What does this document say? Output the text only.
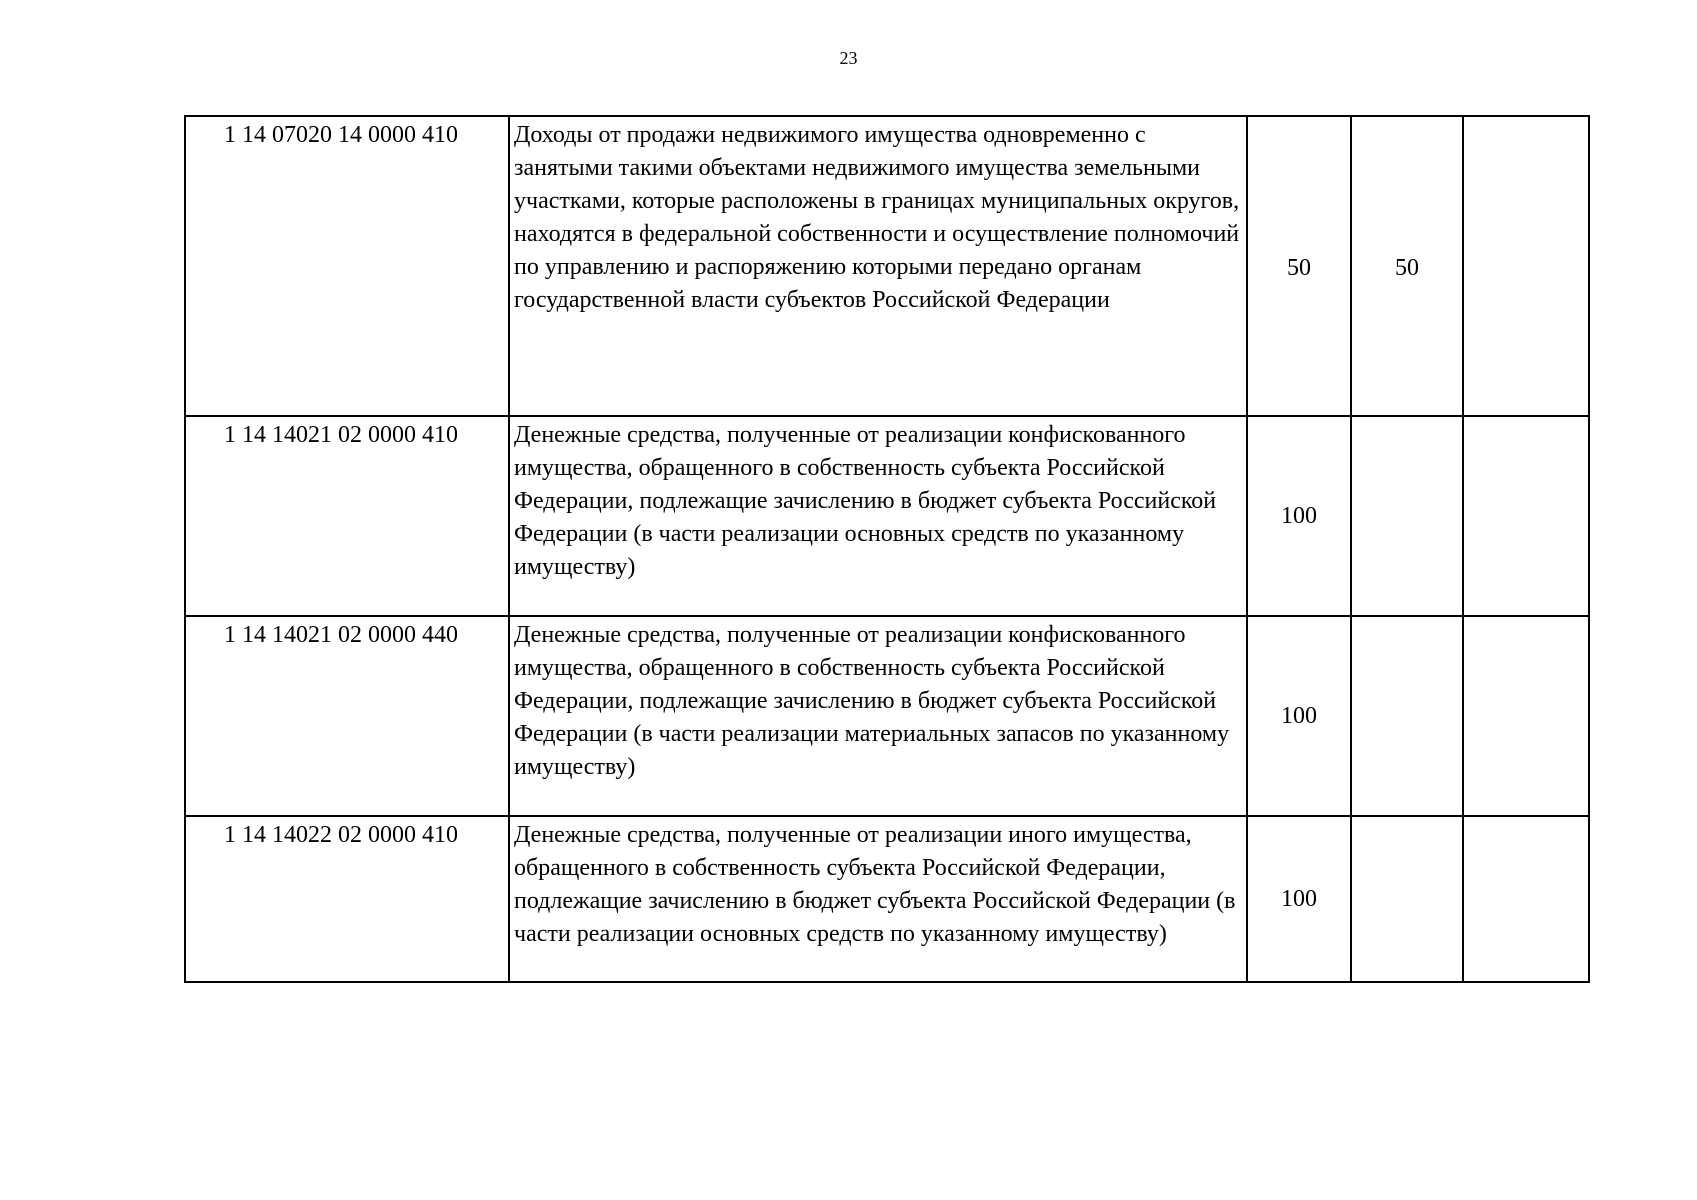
23
1 14 07020 14 0000 410	Доходы от продажи недвижимого имущества одновременно с занятыми такими объектами недвижимого имущества земельными участками, которые расположены в границах муниципальных округов, находятся в федеральной собственности и осуществление полномочий по управлению и распоряжению которыми передано органам государственной власти субъектов Российской Федерации	50	50	
1 14 14021 02 0000 410	Денежные средства, полученные от реализации конфискованного имущества, обращенного в собственность субъекта Российской Федерации, подлежащие зачислению в бюджет субъекта Российской Федерации (в части реализации основных средств по указанному имуществу)	100		
1 14 14021 02 0000 440	Денежные средства, полученные от реализации конфискованного имущества, обращенного в собственность субъекта Российской Федерации, подлежащие зачислению в бюджет субъекта Российской Федерации (в части реализации материальных запасов по указанному имуществу)	100		
1 14 14022 02 0000 410	Денежные средства, полученные от реализации иного имущества, обращенного в собственность субъекта Российской Федерации, подлежащие зачислению в бюджет субъекта Российской Федерации (в части реализации основных средств по указанному имуществу)	100		
